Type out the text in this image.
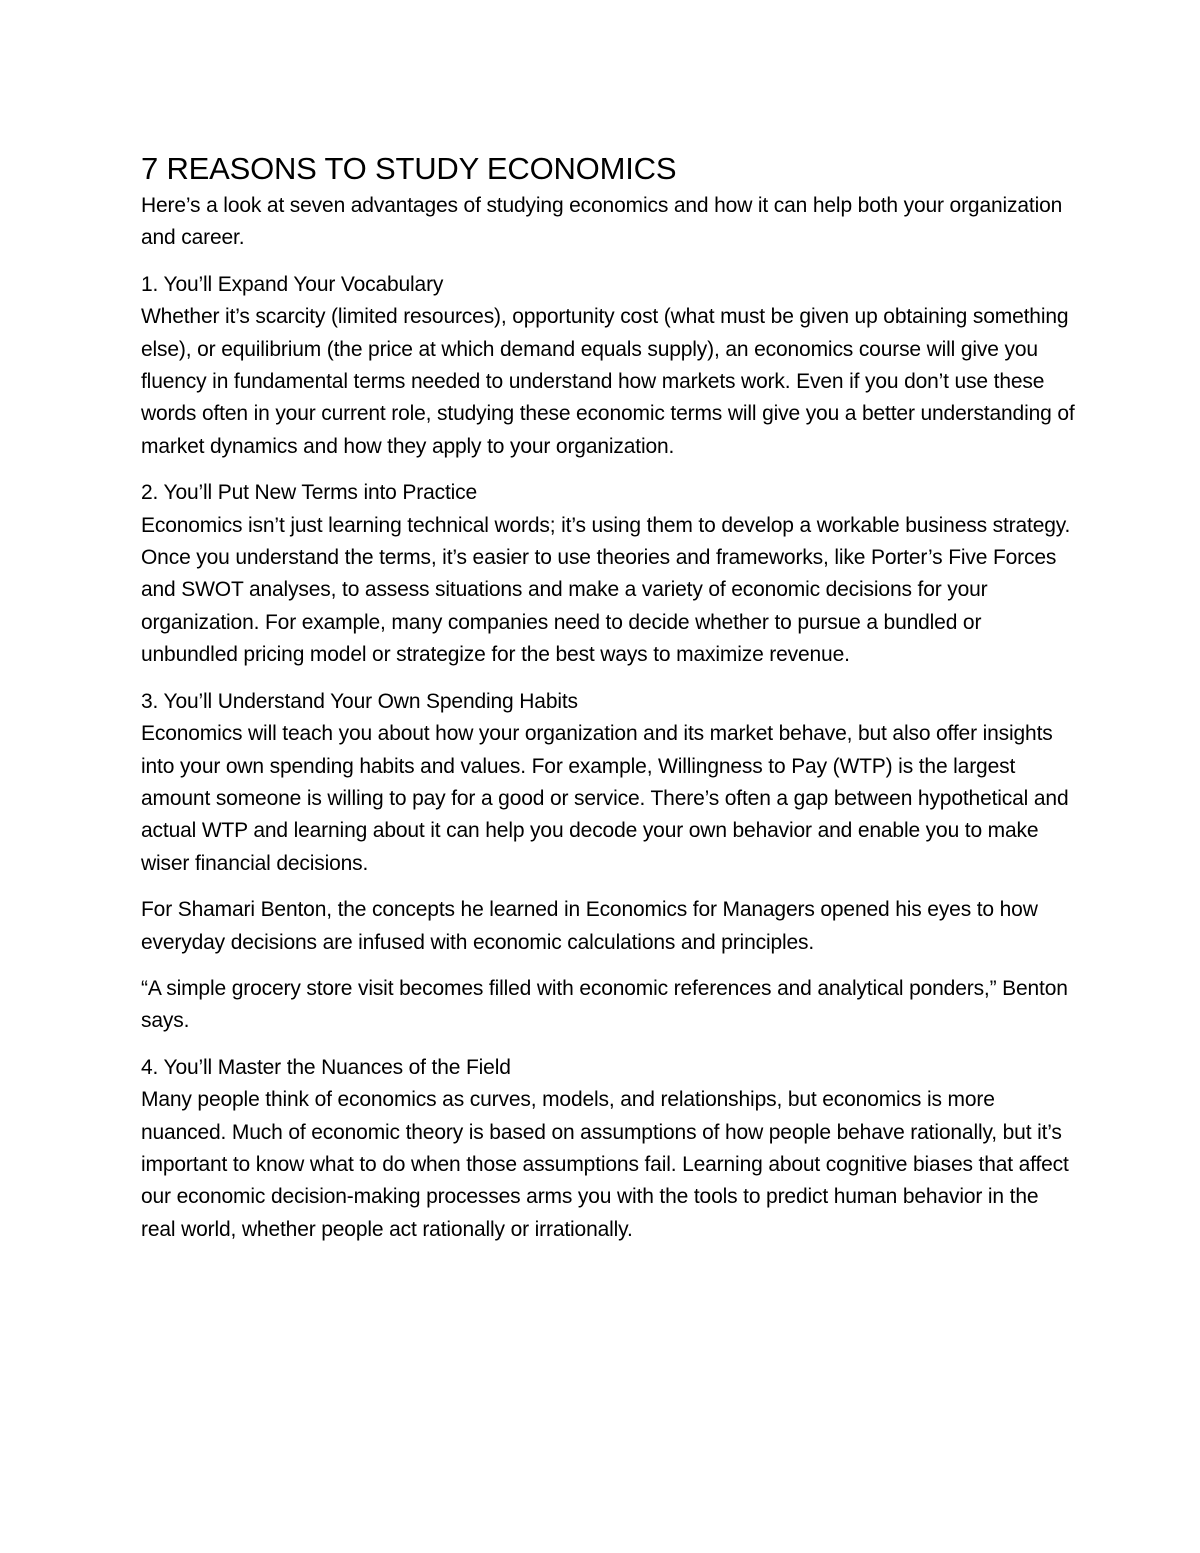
7 REASONS TO STUDY ECONOMICS

Here’s a look at seven advantages of studying economics and how it can help both your organization and career.

1. You’ll Expand Your Vocabulary
Whether it’s scarcity (limited resources), opportunity cost (what must be given up obtaining something else), or equilibrium (the price at which demand equals supply), an economics course will give you fluency in fundamental terms needed to understand how markets work. Even if you don’t use these words often in your current role, studying these economic terms will give you a better understanding of market dynamics and how they apply to your organization.

2. You’ll Put New Terms into Practice
Economics isn’t just learning technical words; it’s using them to develop a workable business strategy. Once you understand the terms, it’s easier to use theories and frameworks, like Porter’s Five Forces and SWOT analyses, to assess situations and make a variety of economic decisions for your organization. For example, many companies need to decide whether to pursue a bundled or unbundled pricing model or strategize for the best ways to maximize revenue.

3. You’ll Understand Your Own Spending Habits
Economics will teach you about how your organization and its market behave, but also offer insights into your own spending habits and values. For example, Willingness to Pay (WTP) is the largest amount someone is willing to pay for a good or service. There’s often a gap between hypothetical and actual WTP and learning about it can help you decode your own behavior and enable you to make wiser financial decisions.

For Shamari Benton, the concepts he learned in Economics for Managers opened his eyes to how everyday decisions are infused with economic calculations and principles.

“A simple grocery store visit becomes filled with economic references and analytical ponders,” Benton says.

4. You’ll Master the Nuances of the Field
Many people think of economics as curves, models, and relationships, but economics is more nuanced. Much of economic theory is based on assumptions of how people behave rationally, but it’s important to know what to do when those assumptions fail. Learning about cognitive biases that affect our economic decision-making processes arms you with the tools to predict human behavior in the real world, whether people act rationally or irrationally.
